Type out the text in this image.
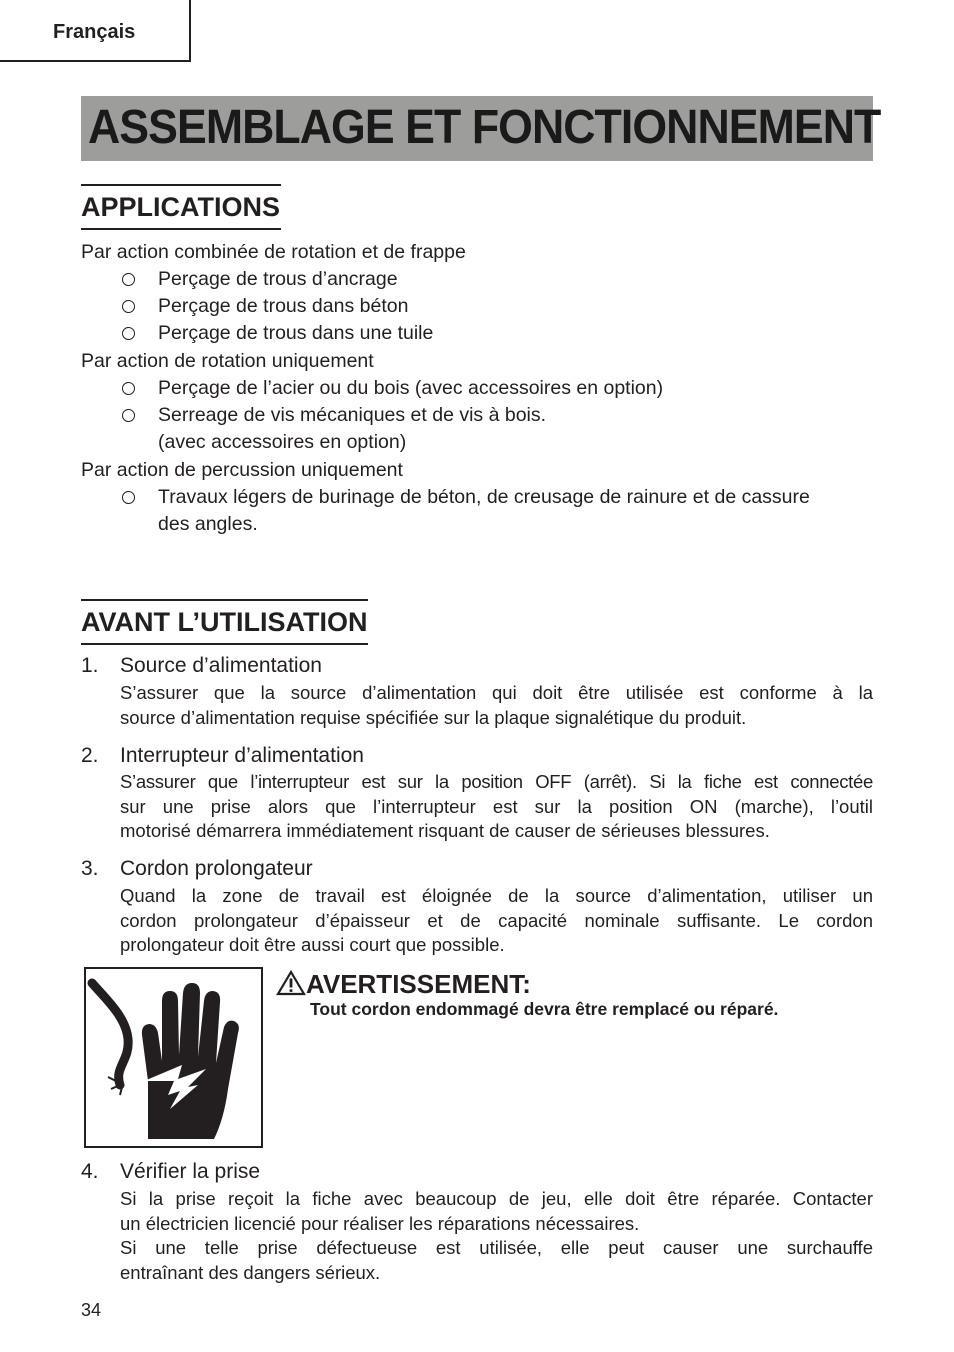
Français
ASSEMBLAGE ET FONCTIONNEMENT
APPLICATIONS
Par action combinée de rotation et de frappe
Perçage de trous d’ancrage
Perçage de trous dans béton
Perçage de trous dans une tuile
Par action de rotation uniquement
Perçage de l’acier ou du bois (avec accessoires en option)
Serreage de vis mécaniques et de vis à bois.
(avec accessoires en option)
Par action de percussion uniquement
Travaux légers de burinage de béton, de creusage de rainure et de cassure
des angles.
AVANT L’UTILISATION
1. Source d’alimentation
S’assurer que la source d’alimentation qui doit être utilisée est conforme à la
source d’alimentation requise spécifiée sur la plaque signalétique du produit.
2. Interrupteur d’alimentation
S’assurer que l’interrupteur est sur la position OFF (arrêt). Si la fiche est connectée
sur une prise alors que l’interrupteur est sur la position ON (marche), l’outil
motorisé démarrera immédiatement risquant de causer de sérieuses blessures.
3. Cordon prolongateur
Quand la zone de travail est éloignée de la source d’alimentation, utiliser un
cordon prolongateur d’épaisseur et de capacité nominale suffisante. Le cordon
prolongateur doit être aussi court que possible.
AVERTISSEMENT:
Tout cordon endommagé devra être remplacé ou réparé.
4. Vérifier la prise
Si la prise reçoit la fiche avec beaucoup de jeu, elle doit être réparée. Contacter
un électricien licencié pour réaliser les réparations nécessaires.
Si une telle prise défectueuse est utilisée, elle peut causer une surchauffe
entraînant des dangers sérieux.
34
